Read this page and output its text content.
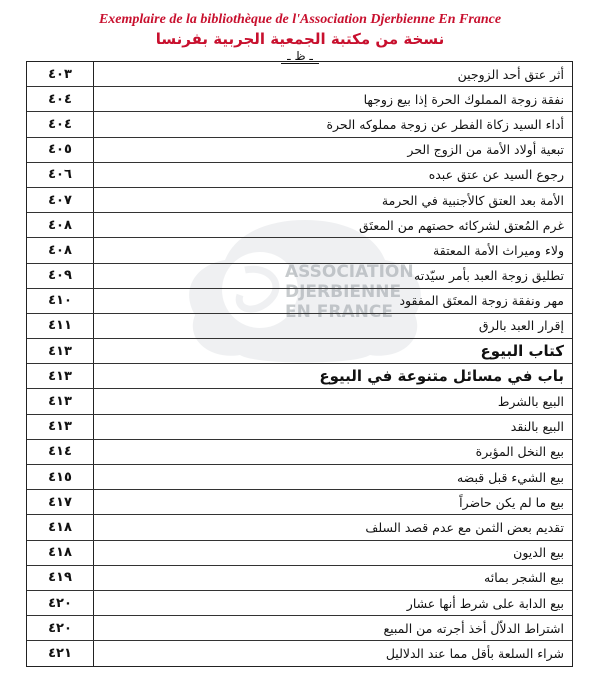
Exemplaire de la bibliothèque de l'Association Djerbienne En France
نسخة من مكتبة الجمعية الجربية بفرنسا
ـ ظ ـ
ASSOCIATION
DJERBIENNE
EN FRANCE
٤٠٣	أثر عتق أحد الزوجين
٤٠٤	نفقة زوجة المملوك الحرة إذا بيع زوجها
٤٠٤	أداء السيد زكاة الفطر عن زوجة مملوكه الحرة
٤٠٥	تبعية أولاد الأمة من الزوج الحر
٤٠٦	رجوع السيد عن عتق عبده
٤٠٧	الأمة بعد العتق كالأجنبية في الحرمة
٤٠٨	غرم المُعتق لشركائه حصتهم من المعتَق
٤٠٨	ولاء وميراث الأمة المعتقة
٤٠٩	تطليق زوجة العبد بأمر سيّدته
٤١٠	مهر ونفقة زوجة المعتَق المفقود
٤١١	إقرار العبد بالرق
٤١٣	كتاب البيوع
٤١٣	باب في مسائل متنوعة في البيوع
٤١٣	البيع بالشرط
٤١٣	البيع بالنقد
٤١٤	بيع النخل المؤبرة
٤١٥	بيع الشيء قبل قبضه
٤١٧	بيع ما لم يكن حاضراً
٤١٨	تقديم بعض الثمن مع عدم قصد السلف
٤١٨	بيع الديون
٤١٩	بيع الشجر بمائه
٤٢٠	بيع الدابة على شرط أنها عشار
٤٢٠	اشتراط الدلاّل أخذ أجرته من المبيع
٤٢١	شراء السلعة بأقل مما عند الدلاليل
